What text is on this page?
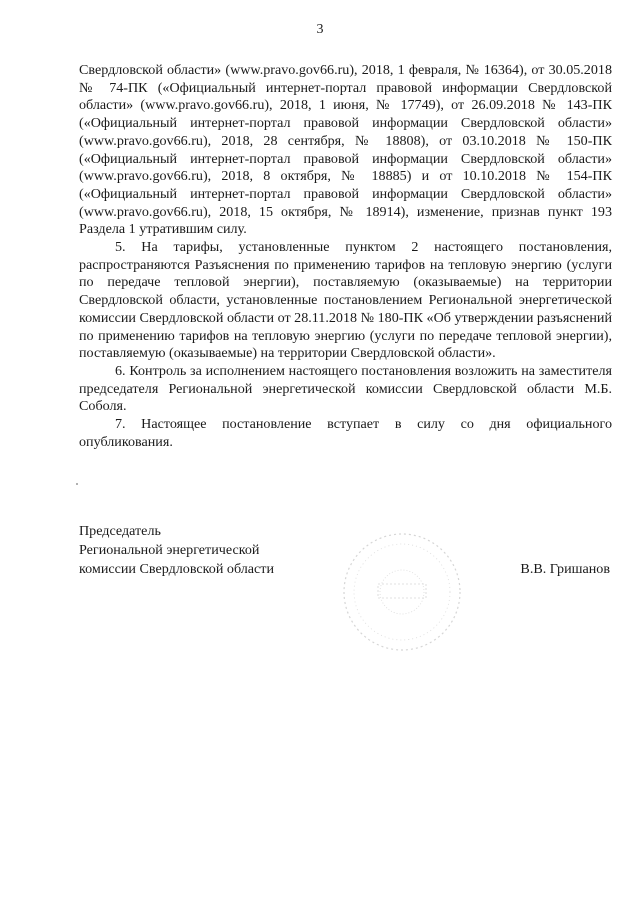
3

Свердловской области» (www.pravo.gov66.ru), 2018, 1 февраля, № 16364), от 30.05.2018 № 74-ПК («Официальный интернет-портал правовой информации Свердловской области» (www.pravo.gov66.ru), 2018, 1 июня, № 17749), от 26.09.2018 № 143-ПК («Официальный интернет-портал правовой информации Свердловской области» (www.pravo.gov66.ru), 2018, 28 сентября, № 18808), от 03.10.2018 № 150-ПК («Официальный интернет-портал правовой информации Свердловской области» (www.pravo.gov66.ru), 2018, 8 октября, № 18885) и от 10.10.2018 № 154-ПК («Официальный интернет-портал правовой информации Свердловской области» (www.pravo.gov66.ru), 2018, 15 октября, № 18914), изменение, признав пункт 193 Раздела 1 утратившим силу.

5. На тарифы, установленные пунктом 2 настоящего постановления, распространяются Разъяснения по применению тарифов на тепловую энергию (услуги по передаче тепловой энергии), поставляемую (оказываемые) на территории Свердловской области, установленные постановлением Региональной энергетической комиссии Свердловской области от 28.11.2018 № 180-ПК «Об утверждении разъяснений по применению тарифов на тепловую энергию (услуги по передаче тепловой энергии), поставляемую (оказываемые) на территории Свердловской области».

6. Контроль за исполнением настоящего постановления возложить на заместителя председателя Региональной энергетической комиссии Свердловской области М.Б. Соболя.

7. Настоящее постановление вступает в силу со дня официального опубликования.

Председатель
Региональной энергетической
комиссии Свердловской области	В.В. Гришанов
